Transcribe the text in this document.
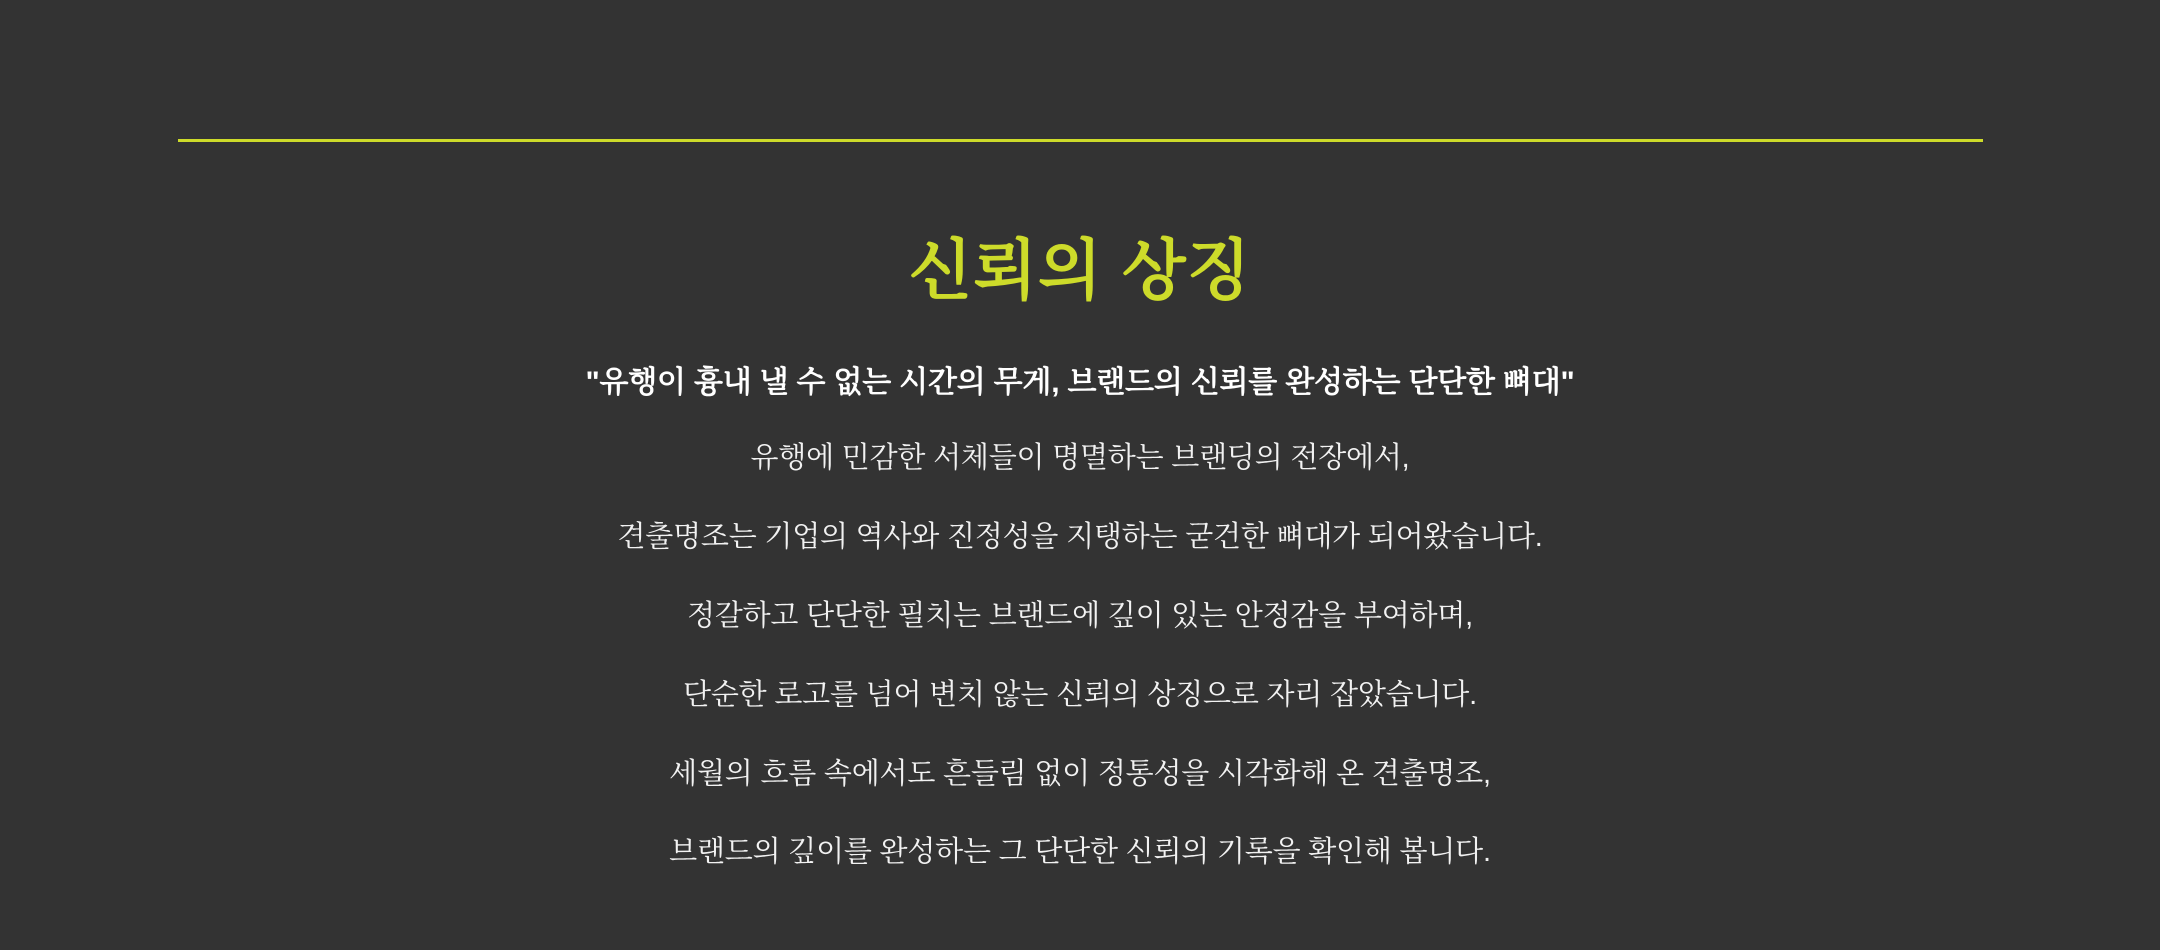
신뢰의 상징

"유행이 흉내 낼 수 없는 시간의 무게, 브랜드의 신뢰를 완성하는 단단한 뼈대"

유행에 민감한 서체들이 명멸하는 브랜딩의 전장에서,

견출명조는 기업의 역사와 진정성을 지탱하는 굳건한 뼈대가 되어왔습니다.

정갈하고 단단한 필치는 브랜드에 깊이 있는 안정감을 부여하며,

단순한 로고를 넘어 변치 않는 신뢰의 상징으로 자리 잡았습니다.

세월의 흐름 속에서도 흔들림 없이 정통성을 시각화해 온 견출명조,

브랜드의 깊이를 완성하는 그 단단한 신뢰의 기록을 확인해 봅니다.
